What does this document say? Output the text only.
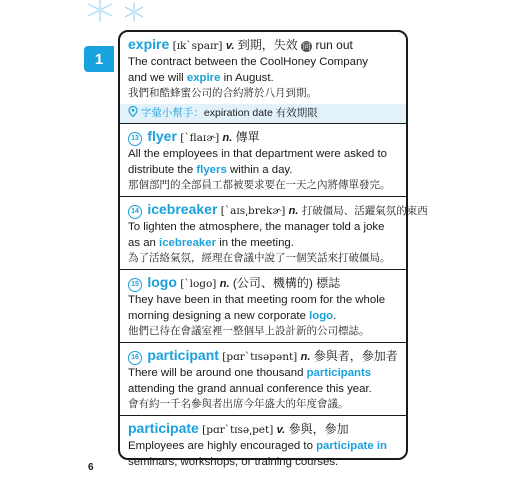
1
expire [ɪk`spaɪr] v. 到期，失效 同 run out
The contract between the CoolHoney Company
and we will expire in August.
我們和酷蜂蜜公司的合約將於八月到期。
字彙小幫手：expiration date 有效期限
13 flyer [`flaɪɚ] n. 傳單
All the employees in that department were asked to
distribute the flyers within a day.
那個部門的全部員工都被要求要在一天之內將傳單發完。
14 icebreaker [`aɪs͵brekɚ] n. 打破僵局、活躍氣氛的東西
To lighten the atmosphere, the manager told a joke
as an icebreaker in the meeting.
為了活絡氣氛，經理在會議中說了一個笑話來打破僵局。
15 logo [`logo] n. (公司、機構的) 標誌
They have been in that meeting room for the whole
morning designing a new corporate logo.
他們已待在會議室裡一整個早上設計新的公司標誌。
16 participant [pɑr`tɪsəpənt] n. 參與者，參加者
There will be around one thousand participants
attending the grand annual conference this year.
會有約一千名參與者出席今年盛大的年度會議。
participate [pɑr`tɪsə͵pet] v. 參與，參加
Employees are highly encouraged to participate in
seminars, workshops, or training courses.
6
